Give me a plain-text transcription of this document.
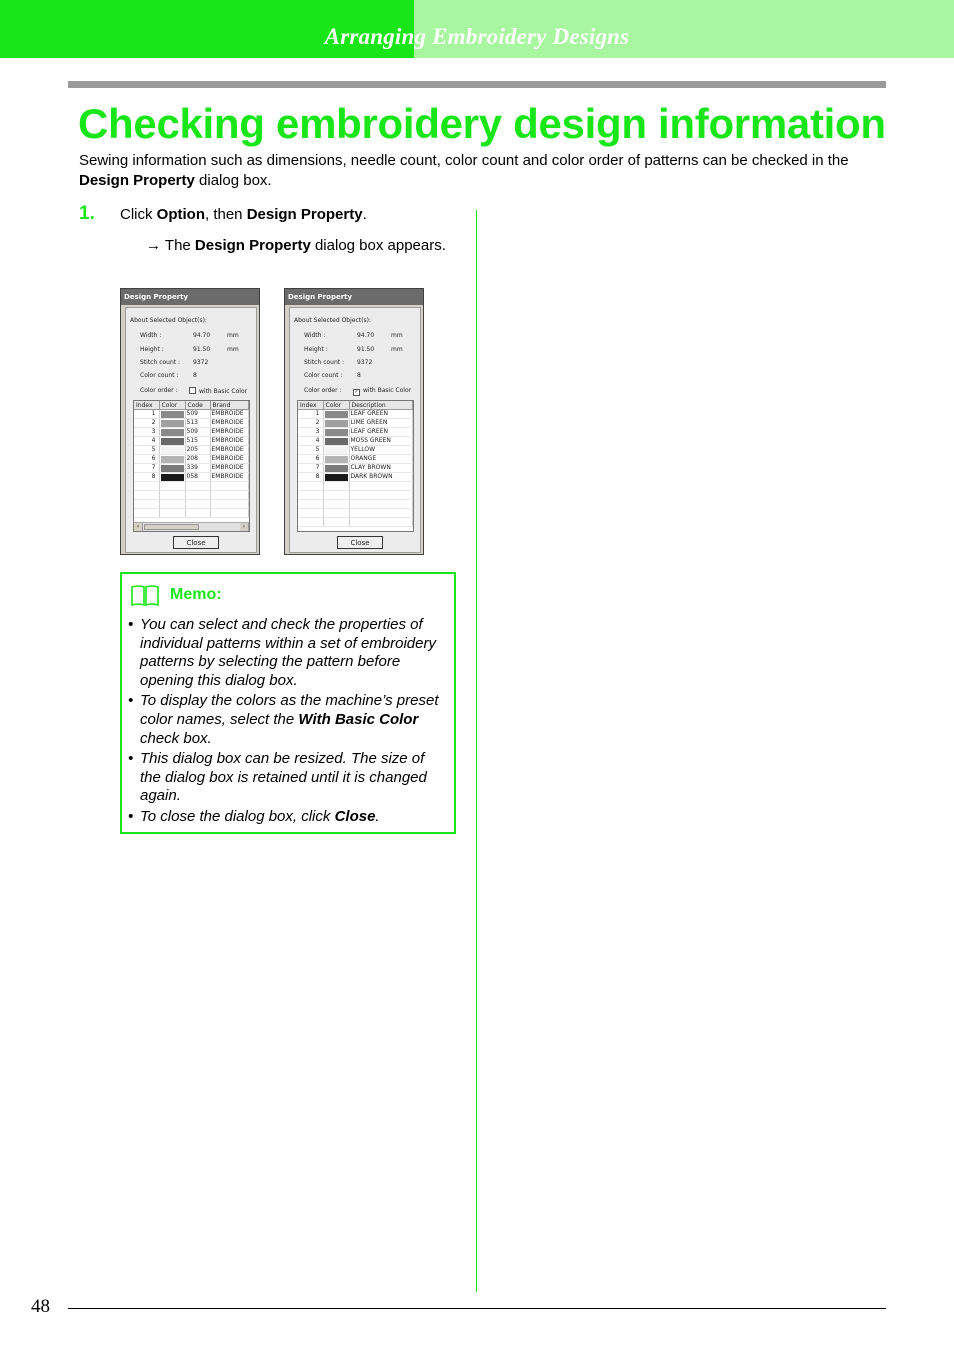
Arranging Embroidery Designs
Checking embroidery design information
Sewing information such as dimensions, needle count, color count and color order of patterns can be checked in the Design Property dialog box.
1. Click Option, then Design Property.
→ The Design Property dialog box appears.
Design Property
About Selected Object(s):
Width :	94.70	mm
Height :	91.50	mm
Stitch count : 9372
Color count : 8
Color order :	with Basic Color
Index	Color	Code	Brand
1		509	EMBROIDE
2		513	EMBROIDE
3		509	EMBROIDE
4		515	EMBROIDE
5		205	EMBROIDE
6		208	EMBROIDE
7		339	EMBROIDE
8		058	EMBROIDE

‹	›
Close
Design Property
About Selected Object(s):
Width :	94.70	mm
Height :	91.50	mm
Stitch count : 9372
Color count : 8
Color order :	✓ with Basic Color
Index	Color	Description
1		LEAF GREEN
2		LIME GREEN
3		LEAF GREEN
4		MOSS GREEN
5		YELLOW
6		ORANGE
7		CLAY BROWN
8		DARK BROWN

Close
Memo:
• You can select and check the properties of individual patterns within a set of embroidery patterns by selecting the pattern before opening this dialog box.
• To display the colors as the machine’s preset color names, select the With Basic Color check box.
• This dialog box can be resized. The size of the dialog box is retained until it is changed again.
• To close the dialog box, click Close.
48
